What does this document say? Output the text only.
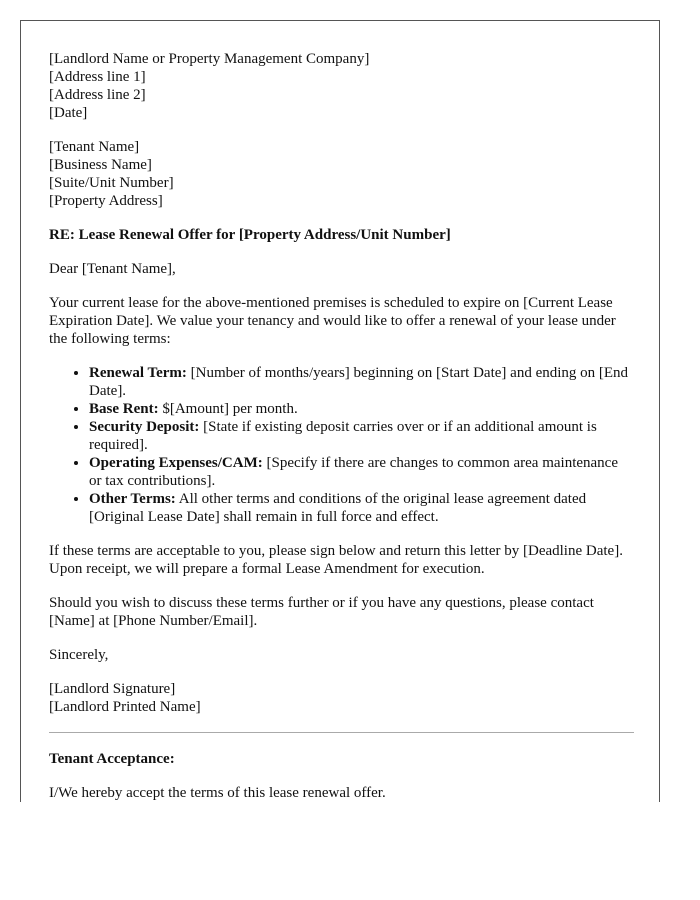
[Landlord Name or Property Management Company]
[Address line 1]
[Address line 2]
[Date]
[Tenant Name]
[Business Name]
[Suite/Unit Number]
[Property Address]
RE: Lease Renewal Offer for [Property Address/Unit Number]

Dear [Tenant Name],

Your current lease for the above-mentioned premises is scheduled to expire on [Current Lease Expiration Date]. We value your tenancy and would like to offer a renewal of your lease under the following terms:

• Renewal Term: [Number of months/years] beginning on [Start Date] and ending on [End Date].
• Base Rent: $[Amount] per month.
• Security Deposit: [State if existing deposit carries over or if an additional amount is required].
• Operating Expenses/CAM: [Specify if there are changes to common area maintenance or tax contributions].
• Other Terms: All other terms and conditions of the original lease agreement dated [Original Lease Date] shall remain in full force and effect.

If these terms are acceptable to you, please sign below and return this letter by [Deadline Date]. Upon receipt, we will prepare a formal Lease Amendment for execution.

Should you wish to discuss these terms further or if you have any questions, please contact [Name] at [Phone Number/Email].

Sincerely,

[Landlord Signature]
[Landlord Printed Name]
Tenant Acceptance:

I/We hereby accept the terms of this lease renewal offer.
